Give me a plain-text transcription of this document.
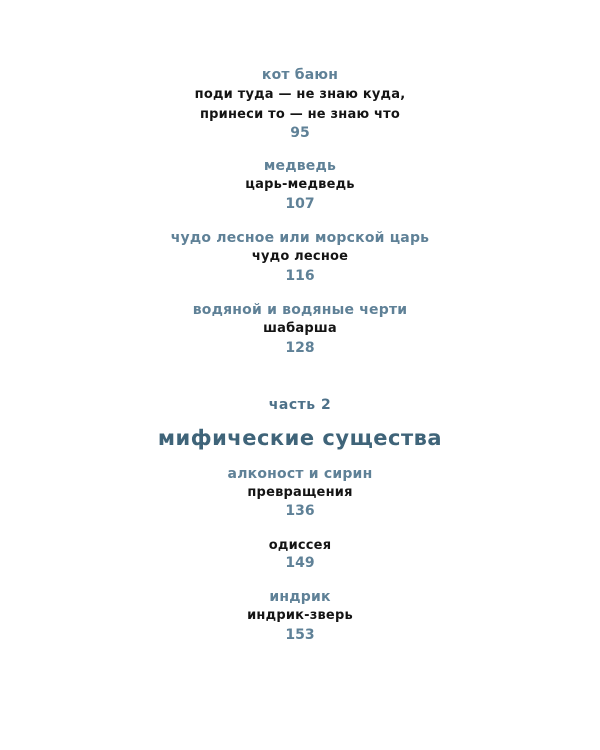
кот баюн
поди туда — не знаю куда,
принеси то — не знаю что
95
медведь
царь-медведь
107
чудо лесное или морской царь
чудо лесное
116
водяной и водяные черти
шабарша
128
часть 2
мифические существа
алконост и сирин
превращения
136
одиссея
149
индрик
индрик-зверь
153
